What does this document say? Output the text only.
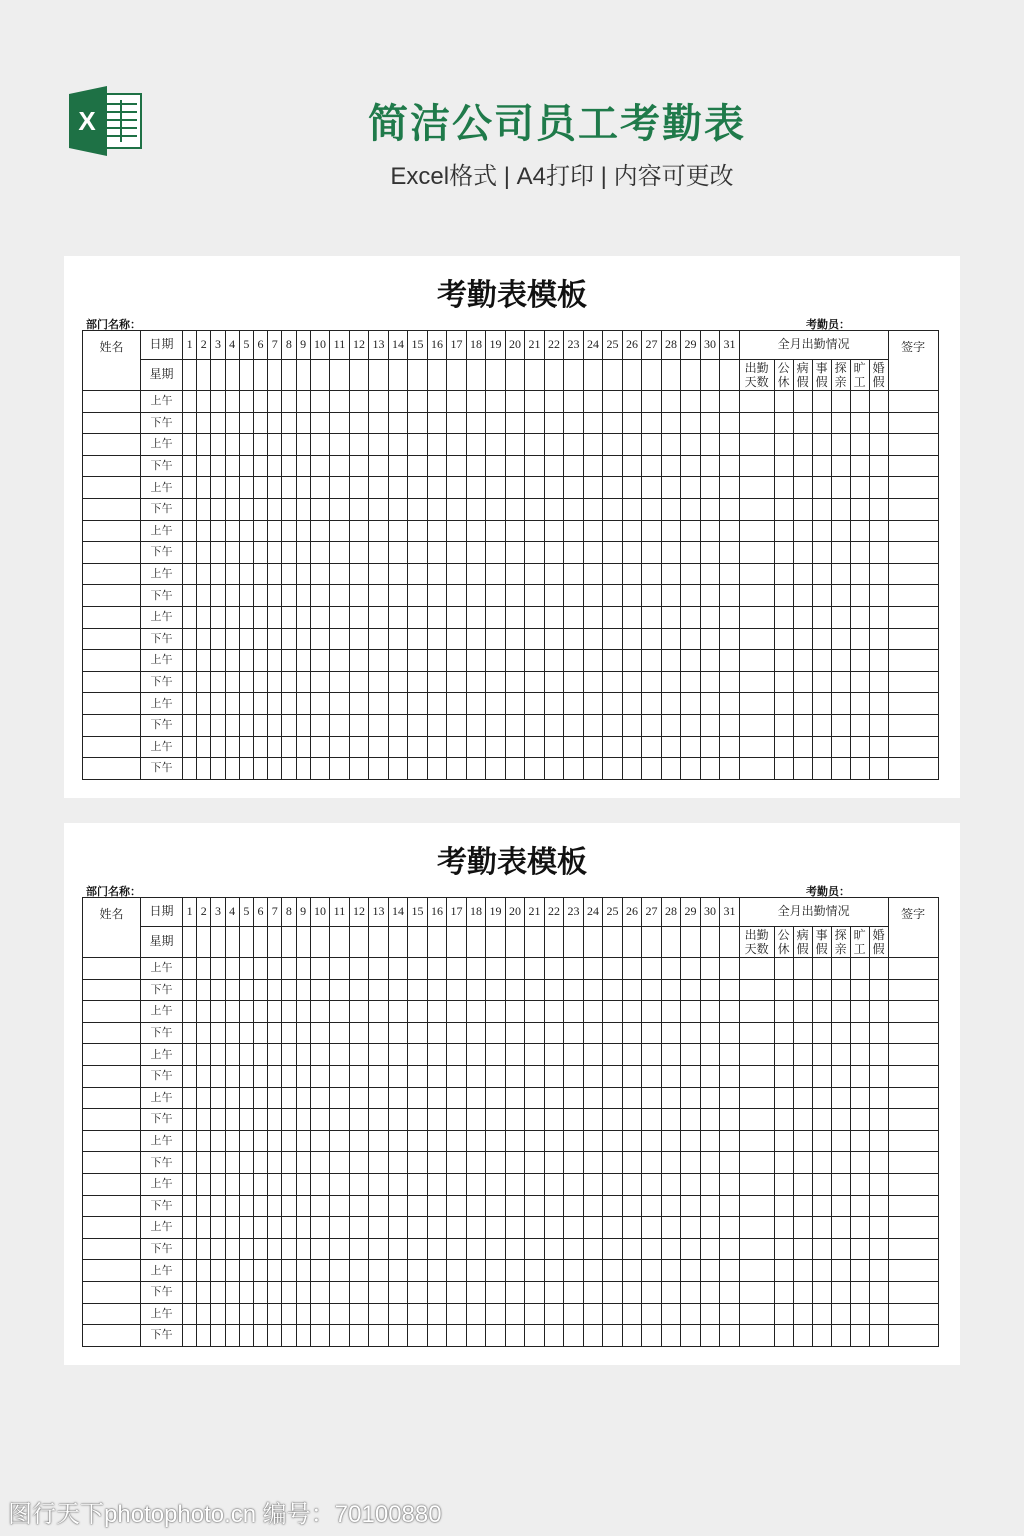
X	简洁公司员工考勤表
Excel格式 | A4打印 | 内容可更改
考勤表模板
部门名称：	考勤员：
姓名	日期	1	2	3	4	5	6	7	8	9	10	11	12	13	14	15	16	17	18	19	20	21	22	23	24	25	26	27	28	29	30	31	全月出勤情况							签字
	星期																																出勤天数	公休	病假	事假	探亲	旷工	婚假	
	上午																																							
	下午																																							
	上午																																							
	下午																																							
	上午																																							
	下午																																							
	上午																																							
	下午																																							
	上午																																							
	下午																																							
	上午																																							
	下午																																							
	上午																																							
	下午																																							
	上午																																							
	下午																																							
	上午																																							
	下午																																							
考勤表模板
部门名称：	考勤员：
姓名	日期	1	2	3	4	5	6	7	8	9	10	11	12	13	14	15	16	17	18	19	20	21	22	23	24	25	26	27	28	29	30	31	全月出勤情况							签字
	星期																																出勤天数	公休	病假	事假	探亲	旷工	婚假	
	上午																																							
	下午																																							
	上午																																							
	下午																																							
	上午																																							
	下午																																							
	上午																																							
	下午																																							
	上午																																							
	下午																																							
	上午																																							
	下午																																							
	上午																																							
	下午																																							
	上午																																							
	下午																																							
	上午																																							
	下午																																							
图行天下photophoto.cn 编号：70100880
